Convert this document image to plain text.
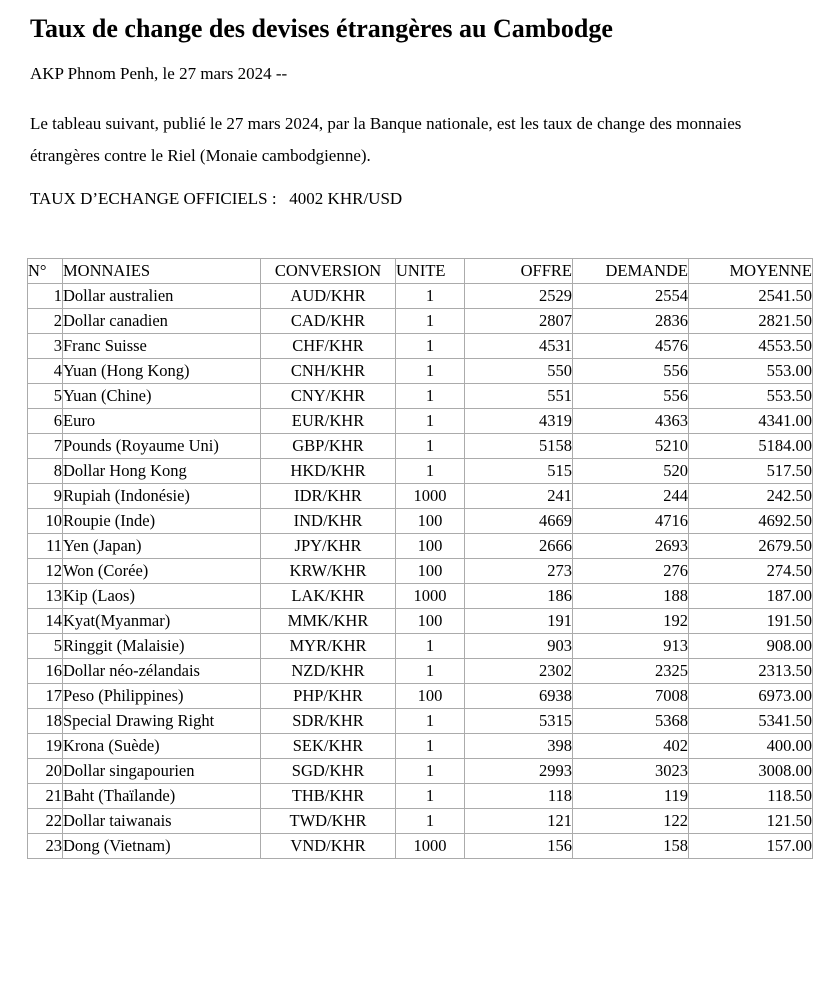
Taux de change des devises étrangères au Cambodge

AKP Phnom Penh, le 27 mars 2024 --

Le tableau suivant, publié le 27 mars 2024, par la Banque nationale, est les taux de change des monnaies étrangères contre le Riel (Monaie cambodgienne).

TAUX D’ECHANGE OFFICIELS :   4002 KHR/USD

N°	MONNAIES	CONVERSION	UNITE	OFFRE	DEMANDE	MOYENNE
1	Dollar australien	AUD/KHR	1	2529	2554	2541.50
2	Dollar canadien	CAD/KHR	1	2807	2836	2821.50
3	Franc Suisse	CHF/KHR	1	4531	4576	4553.50
4	Yuan (Hong Kong)	CNH/KHR	1	550	556	553.00
5	Yuan (Chine)	CNY/KHR	1	551	556	553.50
6	Euro	EUR/KHR	1	4319	4363	4341.00
7	Pounds (Royaume Uni)	GBP/KHR	1	5158	5210	5184.00
8	Dollar Hong Kong	HKD/KHR	1	515	520	517.50
9	Rupiah (Indonésie)	IDR/KHR	1000	241	244	242.50
10	Roupie (Inde)	IND/KHR	100	4669	4716	4692.50
11	Yen (Japan)	JPY/KHR	100	2666	2693	2679.50
12	Won (Corée)	KRW/KHR	100	273	276	274.50
13	Kip (Laos)	LAK/KHR	1000	186	188	187.00
14	Kyat(Myanmar)	MMK/KHR	100	191	192	191.50
5	Ringgit (Malaisie)	MYR/KHR	1	903	913	908.00
16	Dollar néo-zélandais	NZD/KHR	1	2302	2325	2313.50
17	Peso (Philippines)	PHP/KHR	100	6938	7008	6973.00
18	Special Drawing Right	SDR/KHR	1	5315	5368	5341.50
19	Krona (Suède)	SEK/KHR	1	398	402	400.00
20	Dollar singapourien	SGD/KHR	1	2993	3023	3008.00
21	Baht (Thaïlande)	THB/KHR	1	118	119	118.50
22	Dollar taiwanais	TWD/KHR	1	121	122	121.50
23	Dong (Vietnam)	VND/KHR	1000	156	158	157.00
